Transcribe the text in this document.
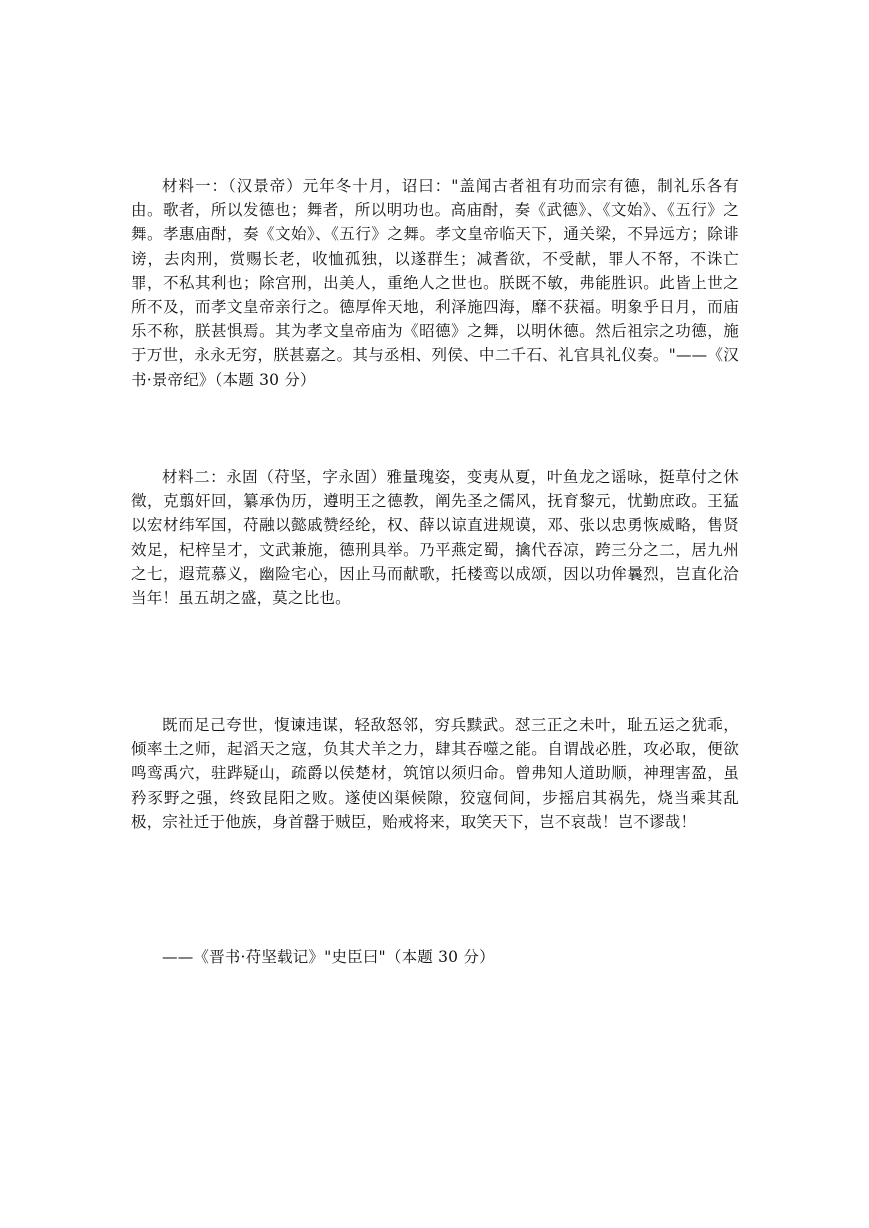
材料一：（汉景帝）元年冬十月，诏曰："盖闻古者祖有功而宗有德，制礼乐各有由。歌者，所以发德也；舞者，所以明功也。高庙酎，奏《武德》、《文始》、《五行》之舞。孝惠庙酎，奏《文始》、《五行》之舞。孝文皇帝临天下，通关梁，不异远方；除诽谤，去肉刑，赏赐长老，收恤孤独，以遂群生；减耆欲，不受献，罪人不帑，不诛亡罪，不私其利也；除宫刑，出美人，重绝人之世也。朕既不敏，弗能胜识。此皆上世之所不及，而孝文皇帝亲行之。德厚侔天地，利泽施四海，靡不获福。明象乎日月，而庙乐不称，朕甚惧焉。其为孝文皇帝庙为《昭德》之舞，以明休德。然后祖宗之功德，施于万世，永永无穷，朕甚嘉之。其与丞相、列侯、中二千石、礼官具礼仪奏。"——《汉书·景帝纪》（本题 30 分）

材料二：永固（苻坚，字永固）雅量瑰姿，变夷从夏，叶鱼龙之谣咏，挺草付之休徵，克翦奸回，纂承伪历，遵明王之德教，阐先圣之儒风，抚育黎元，忧勤庶政。王猛以宏材纬军国，苻融以懿戚赞经纶，权、薛以谅直进规谟，邓、张以忠勇恢威略，售贤效足，杞梓呈才，文武兼施，德刑具举。乃平燕定蜀，擒代吞凉，跨三分之二，居九州之七，遐荒慕义，幽险宅心，因止马而献歌，托楼鸾以成颂，因以功侔曩烈，岂直化洽当年！虽五胡之盛，莫之比也。

既而足己夸世，愎谏违谋，轻敌怒邻，穷兵黩武。怼三正之未叶，耻五运之犹乖，倾率土之师，起滔天之寇，负其犬羊之力，肆其吞噬之能。自谓战必胜，攻必取，便欲鸣鸾禹穴，驻跸疑山，疏爵以侯楚材，筑馆以须归命。曾弗知人道助顺，神理害盈，虽矜豕野之强，终致昆阳之败。遂使凶渠候隙，狡寇伺间，步摇启其祸先，烧当乘其乱极，宗社迁于他族，身首罄于贼臣，贻戒将来，取笑天下，岂不哀哉！岂不谬哉！

——《晋书·苻坚载记》"史臣曰"（本题 30 分）
